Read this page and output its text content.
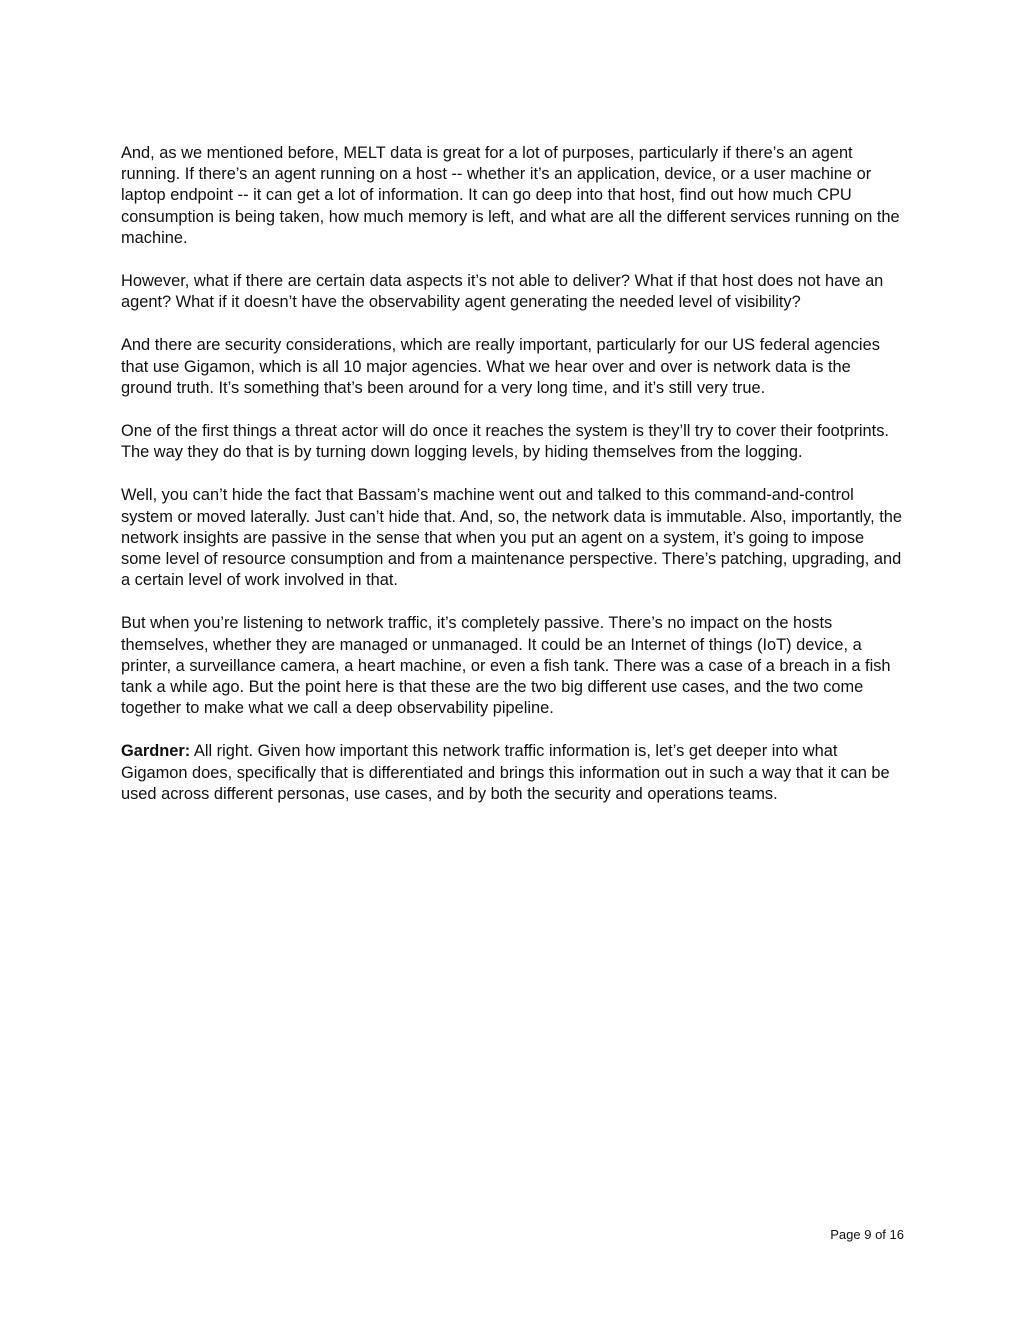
And, as we mentioned before, MELT data is great for a lot of purposes, particularly if there’s an agent running. If there’s an agent running on a host -- whether it’s an application, device, or a user machine or laptop endpoint -- it can get a lot of information. It can go deep into that host, find out how much CPU consumption is being taken, how much memory is left, and what are all the different services running on the machine.

However, what if there are certain data aspects it’s not able to deliver? What if that host does not have an agent? What if it doesn’t have the observability agent generating the needed level of visibility?

And there are security considerations, which are really important, particularly for our US federal agencies that use Gigamon, which is all 10 major agencies. What we hear over and over is network data is the ground truth. It’s something that’s been around for a very long time, and it’s still very true.

One of the first things a threat actor will do once it reaches the system is they’ll try to cover their footprints. The way they do that is by turning down logging levels, by hiding themselves from the logging.

Well, you can’t hide the fact that Bassam’s machine went out and talked to this command-and-control system or moved laterally. Just can’t hide that. And, so, the network data is immutable. Also, importantly, the network insights are passive in the sense that when you put an agent on a system, it’s going to impose some level of resource consumption and from a maintenance perspective. There’s patching, upgrading, and a certain level of work involved in that.

But when you’re listening to network traffic, it’s completely passive. There’s no impact on the hosts themselves, whether they are managed or unmanaged. It could be an Internet of things (IoT) device, a printer, a surveillance camera, a heart machine, or even a fish tank. There was a case of a breach in a fish tank a while ago. But the point here is that these are the two big different use cases, and the two come together to make what we call a deep observability pipeline.

Gardner: All right. Given how important this network traffic information is, let’s get deeper into what Gigamon does, specifically that is differentiated and brings this information out in such a way that it can be used across different personas, use cases, and by both the security and operations teams.

Page 9 of 16
